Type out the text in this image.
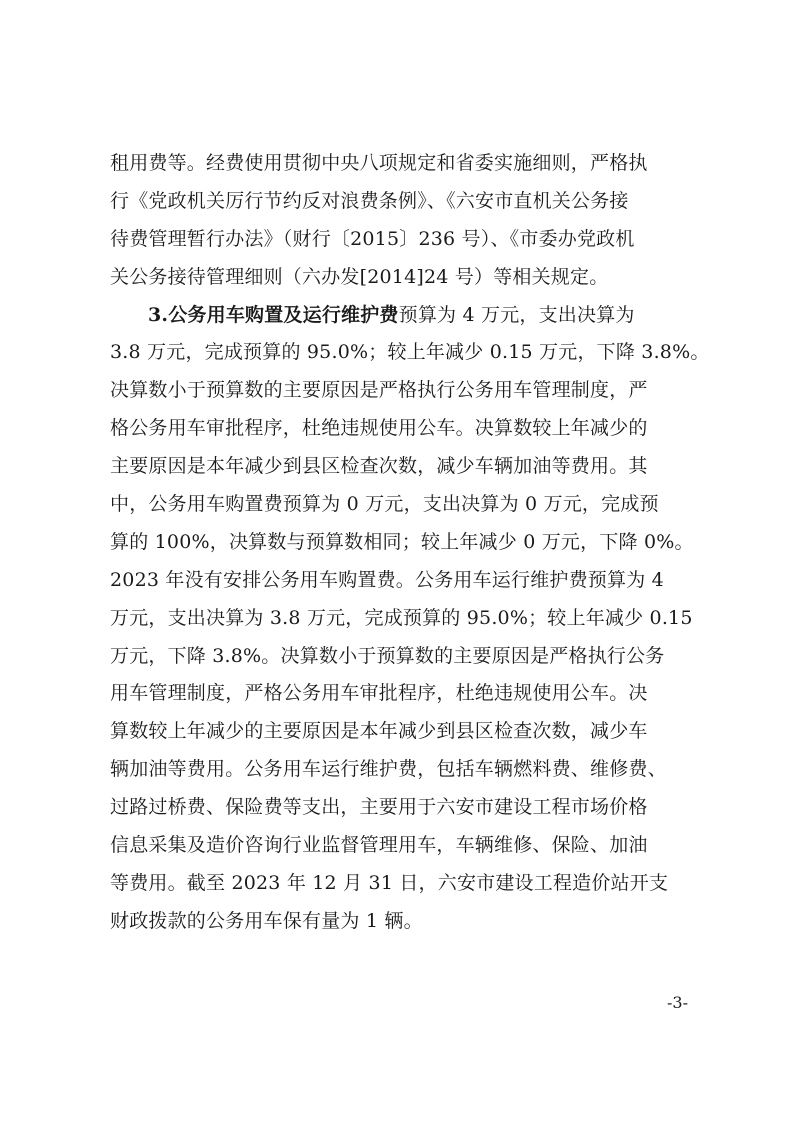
租用费等。经费使用贯彻中央八项规定和省委实施细则，严格执
行《党政机关厉行节约反对浪费条例》、《六安市直机关公务接
待费管理暂行办法》（财行〔2015〕236 号）、《市委办党政机
关公务接待管理细则（六办发[2014]24 号）等相关规定。
3.公务用车购置及运行维护费预算为 4 万元，支出决算为
3.8 万元，完成预算的 95.0%；较上年减少 0.15 万元，下降 3.8%。
决算数小于预算数的主要原因是严格执行公务用车管理制度，严
格公务用车审批程序，杜绝违规使用公车。决算数较上年减少的
主要原因是本年减少到县区检查次数，减少车辆加油等费用。其
中，公务用车购置费预算为 0 万元，支出决算为 0 万元，完成预
算的 100%，决算数与预算数相同；较上年减少 0 万元，下降 0%。
2023 年没有安排公务用车购置费。公务用车运行维护费预算为 4
万元，支出决算为 3.8 万元，完成预算的 95.0%；较上年减少 0.15
万元，下降 3.8%。决算数小于预算数的主要原因是严格执行公务
用车管理制度，严格公务用车审批程序，杜绝违规使用公车。决
算数较上年减少的主要原因是本年减少到县区检查次数，减少车
辆加油等费用。公务用车运行维护费，包括车辆燃料费、维修费、
过路过桥费、保险费等支出，主要用于六安市建设工程市场价格
信息采集及造价咨询行业监督管理用车，车辆维修、保险、加油
等费用。截至 2023 年 12 月 31 日，六安市建设工程造价站开支
财政拨款的公务用车保有量为 1 辆。
-3-
